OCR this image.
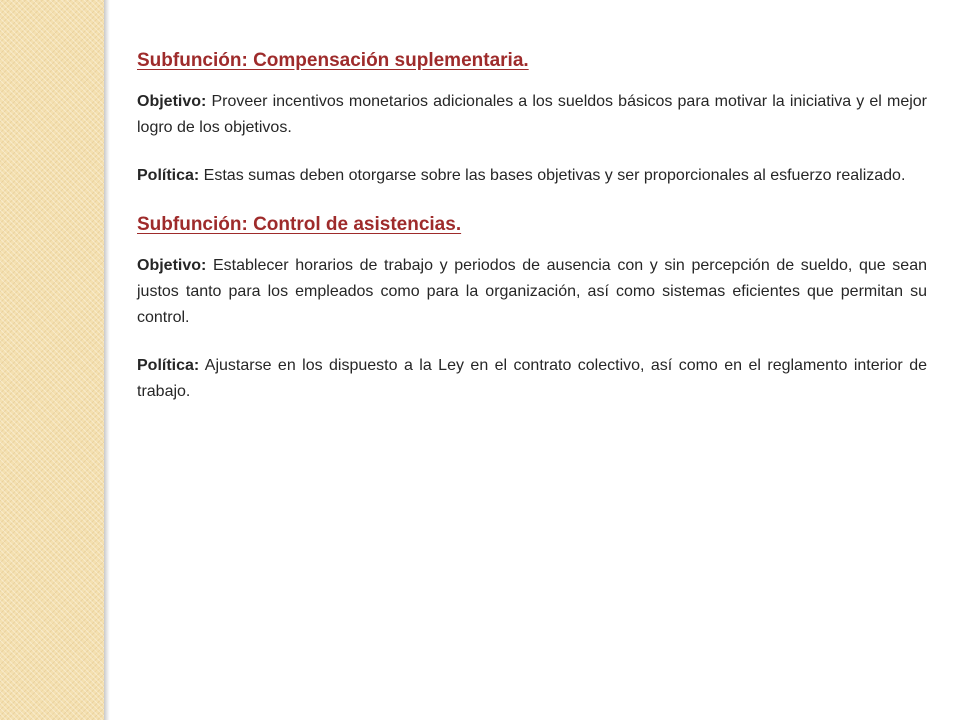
Subfunción: Compensación suplementaria.

Objetivo: Proveer incentivos monetarios adicionales a los sueldos básicos para motivar la iniciativa y el mejor logro de los objetivos.

Política: Estas sumas deben otorgarse sobre las bases objetivas y ser proporcionales al esfuerzo realizado.

Subfunción: Control de asistencias.

Objetivo: Establecer horarios de trabajo y periodos de ausencia con y sin percepción de sueldo, que sean justos tanto para los empleados como para la organización, así como sistemas eficientes que permitan su control.

Política: Ajustarse en los dispuesto a la Ley en el contrato colectivo, así como en el reglamento interior de trabajo.
